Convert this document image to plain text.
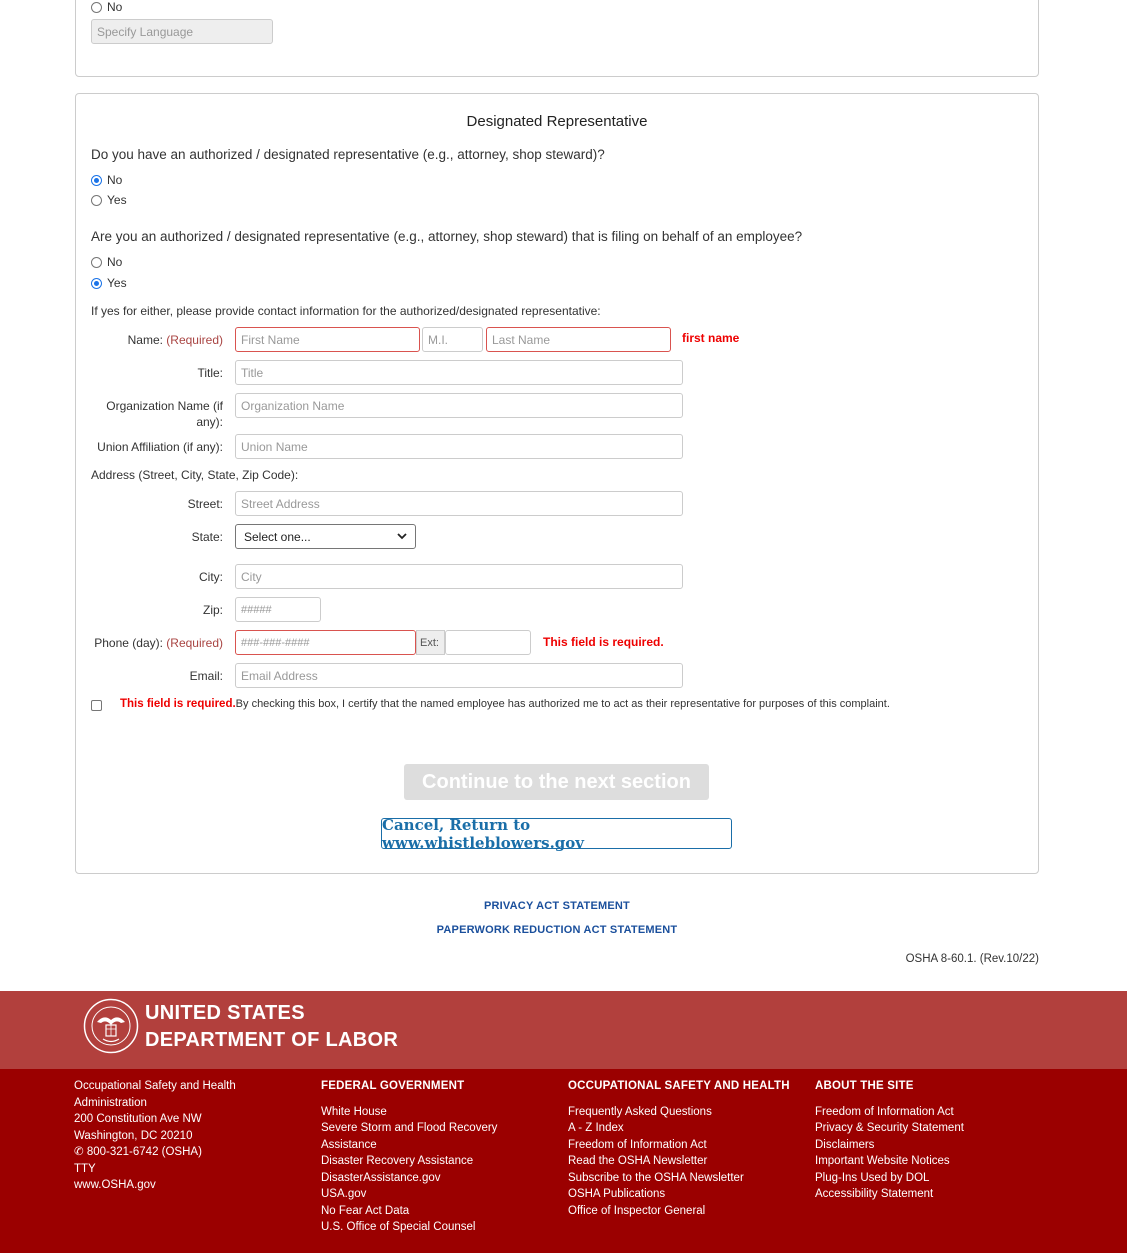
No
Specify Language
Designated Representative
Do you have an authorized / designated representative (e.g., attorney, shop steward)?
No
Yes
Are you an authorized / designated representative (e.g., attorney, shop steward) that is filing on behalf of an employee?
No
Yes
If yes for either, please provide contact information for the authorized/designated representative:
Name: (Required)	First Name	M.I.	Last Name	first name
Title:	Title
Organization Name (if any):
Organization Name
Union Affiliation (if any):	Union Name
Address (Street, City, State, Zip Code):
Street:	Street Address
State: Select one...
City:	City
Zip:	#####
Phone (day): (Required)	###-###-####	Ext:	This field is required.
Email:	Email Address
This field is required.By checking this box, I certify that the named employee has authorized me to act as their representative for purposes of this complaint.
Continue to the next section
Cancel, Return to www.whistleblowers.gov
PRIVACY ACT STATEMENT
PAPERWORK REDUCTION ACT STATEMENT
OSHA 8-60.1. (Rev.10/22)
UNITED STATES
DEPARTMENT OF LABOR
Occupational Safety and Health Administration
200 Constitution Ave NW
Washington, DC 20210
✆ 800-321-6742 (OSHA)
TTY
www.OSHA.gov
FEDERAL GOVERNMENT
White House
Severe Storm and Flood Recovery Assistance
Disaster Recovery Assistance
DisasterAssistance.gov
USA.gov
No Fear Act Data
U.S. Office of Special Counsel
OCCUPATIONAL SAFETY AND HEALTH
Frequently Asked Questions
A - Z Index
Freedom of Information Act
Read the OSHA Newsletter
Subscribe to the OSHA Newsletter
OSHA Publications
Office of Inspector General
ABOUT THE SITE
Freedom of Information Act
Privacy & Security Statement
Disclaimers
Important Website Notices
Plug-Ins Used by DOL
Accessibility Statement
